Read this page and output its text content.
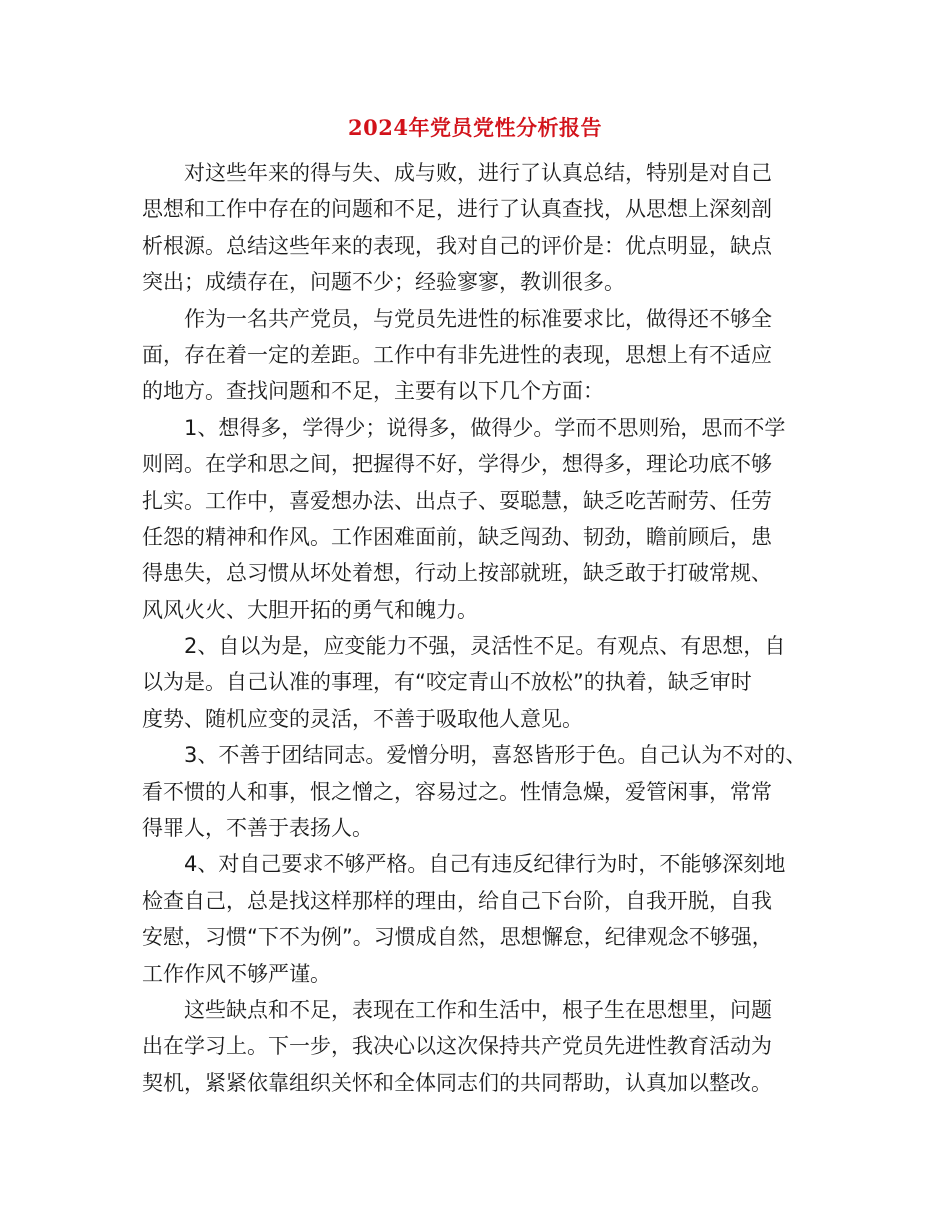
2024年党员党性分析报告
对这些年来的得与失、成与败，进行了认真总结，特别是对自己
思想和工作中存在的问题和不足，进行了认真查找，从思想上深刻剖
析根源。总结这些年来的表现，我对自己的评价是：优点明显，缺点
突出；成绩存在，问题不少；经验寥寥，教训很多。
作为一名共产党员，与党员先进性的标准要求比，做得还不够全
面，存在着一定的差距。工作中有非先进性的表现，思想上有不适应
的地方。查找问题和不足，主要有以下几个方面：
1、想得多，学得少；说得多，做得少。学而不思则殆，思而不学
则罔。在学和思之间，把握得不好，学得少，想得多，理论功底不够
扎实。工作中，喜爱想办法、出点子、耍聪慧，缺乏吃苦耐劳、任劳
任怨的精神和作风。工作困难面前，缺乏闯劲、韧劲，瞻前顾后，患
得患失，总习惯从坏处着想，行动上按部就班，缺乏敢于打破常规、
风风火火、大胆开拓的勇气和魄力。
2、自以为是，应变能力不强，灵活性不足。有观点、有思想，自
以为是。自己认准的事理，有“咬定青山不放松”的执着，缺乏审时
度势、随机应变的灵活，不善于吸取他人意见。
3、不善于团结同志。爱憎分明，喜怒皆形于色。自己认为不对的、
看不惯的人和事，恨之憎之，容易过之。性情急燥，爱管闲事，常常
得罪人，不善于表扬人。
4、对自己要求不够严格。自己有违反纪律行为时，不能够深刻地
检查自己，总是找这样那样的理由，给自己下台阶，自我开脱，自我
安慰，习惯“下不为例”。习惯成自然，思想懈怠，纪律观念不够强，
工作作风不够严谨。
这些缺点和不足，表现在工作和生活中，根子生在思想里，问题
出在学习上。下一步，我决心以这次保持共产党员先进性教育活动为
契机，紧紧依靠组织关怀和全体同志们的共同帮助，认真加以整改。
